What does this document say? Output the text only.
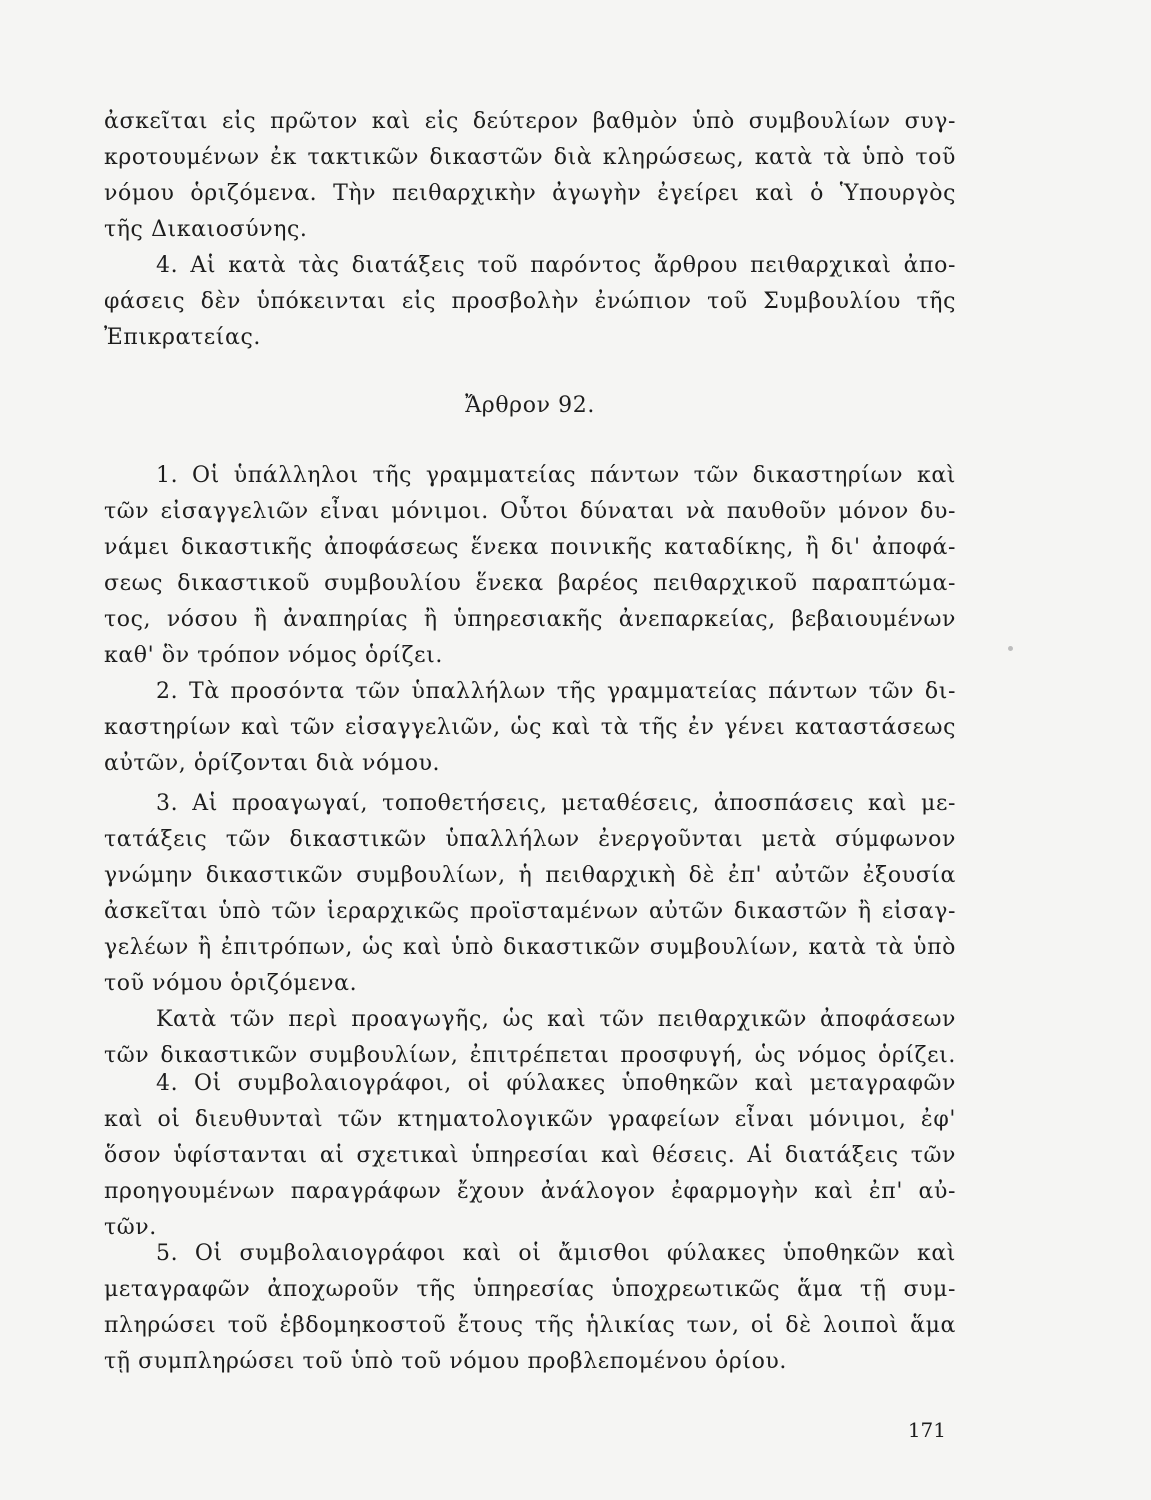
ἀσκεῖται εἰς πρῶτον καὶ εἰς δεύτερον βαθμὸν ὑπὸ συμβουλίων συγ-
κροτουμένων ἐκ τακτικῶν δικαστῶν διὰ κληρώσεως, κατὰ τὰ ὑπὸ τοῦ
νόμου ὁριζόμενα. Τὴν πειθαρχικὴν ἀγωγὴν ἐγείρει καὶ ὁ Ὑπουργὸς
τῆς Δικαιοσύνης.
4. Αἱ κατὰ τὰς διατάξεις τοῦ παρόντος ἄρθρου πειθαρχικαὶ ἀπο-
φάσεις δὲν ὑπόκεινται εἰς προσβολὴν ἐνώπιον τοῦ Συμβουλίου τῆς
Ἐπικρατείας.
Ἄρθρον 92.
1. Οἱ ὑπάλληλοι τῆς γραμματείας πάντων τῶν δικαστηρίων καὶ
τῶν εἰσαγγελιῶν εἶναι μόνιμοι. Οὗτοι δύναται νὰ παυθοῦν μόνον δυ-
νάμει δικαστικῆς ἀποφάσεως ἕνεκα ποινικῆς καταδίκης, ἢ δι' ἀποφά-
σεως δικαστικοῦ συμβουλίου ἕνεκα βαρέος πειθαρχικοῦ παραπτώμα-
τος, νόσου ἢ ἀναπηρίας ἢ ὑπηρεσιακῆς ἀνεπαρκείας, βεβαιουμένων
καθ' ὃν τρόπον νόμος ὁρίζει.
2. Τὰ προσόντα τῶν ὑπαλλήλων τῆς γραμματείας πάντων τῶν δι-
καστηρίων καὶ τῶν εἰσαγγελιῶν, ὡς καὶ τὰ τῆς ἐν γένει καταστάσεως
αὐτῶν, ὁρίζονται διὰ νόμου.
3. Αἱ προαγωγαί, τοποθετήσεις, μεταθέσεις, ἀποσπάσεις καὶ με-
τατάξεις τῶν δικαστικῶν ὑπαλλήλων ἐνεργοῦνται μετὰ σύμφωνον
γνώμην δικαστικῶν συμβουλίων, ἡ πειθαρχικὴ δὲ ἐπ' αὐτῶν ἐξουσία
ἀσκεῖται ὑπὸ τῶν ἱεραρχικῶς προϊσταμένων αὐτῶν δικαστῶν ἢ εἰσαγ-
γελέων ἢ ἐπιτρόπων, ὡς καὶ ὑπὸ δικαστικῶν συμβουλίων, κατὰ τὰ ὑπὸ
τοῦ νόμου ὁριζόμενα.
Κατὰ τῶν περὶ προαγωγῆς, ὡς καὶ τῶν πειθαρχικῶν ἀποφάσεων
τῶν δικαστικῶν συμβουλίων, ἐπιτρέπεται προσφυγή, ὡς νόμος ὁρίζει.
4. Οἱ συμβολαιογράφοι, οἱ φύλακες ὑποθηκῶν καὶ μεταγραφῶν
καὶ οἱ διευθυνταὶ τῶν κτηματολογικῶν γραφείων εἶναι μόνιμοι, ἐφ'
ὅσον ὑφίστανται αἱ σχετικαὶ ὑπηρεσίαι καὶ θέσεις. Αἱ διατάξεις τῶν
προηγουμένων παραγράφων ἔχουν ἀνάλογον ἐφαρμογὴν καὶ ἐπ' αὐ-
τῶν.
5. Οἱ συμβολαιογράφοι καὶ οἱ ἄμισθοι φύλακες ὑποθηκῶν καὶ
μεταγραφῶν ἀποχωροῦν τῆς ὑπηρεσίας ὑποχρεωτικῶς ἅμα τῇ συμ-
πληρώσει τοῦ ἑβδομηκοστοῦ ἔτους τῆς ἡλικίας των, οἱ δὲ λοιποὶ ἅμα
τῇ συμπληρώσει τοῦ ὑπὸ τοῦ νόμου προβλεπομένου ὁρίου.
171
